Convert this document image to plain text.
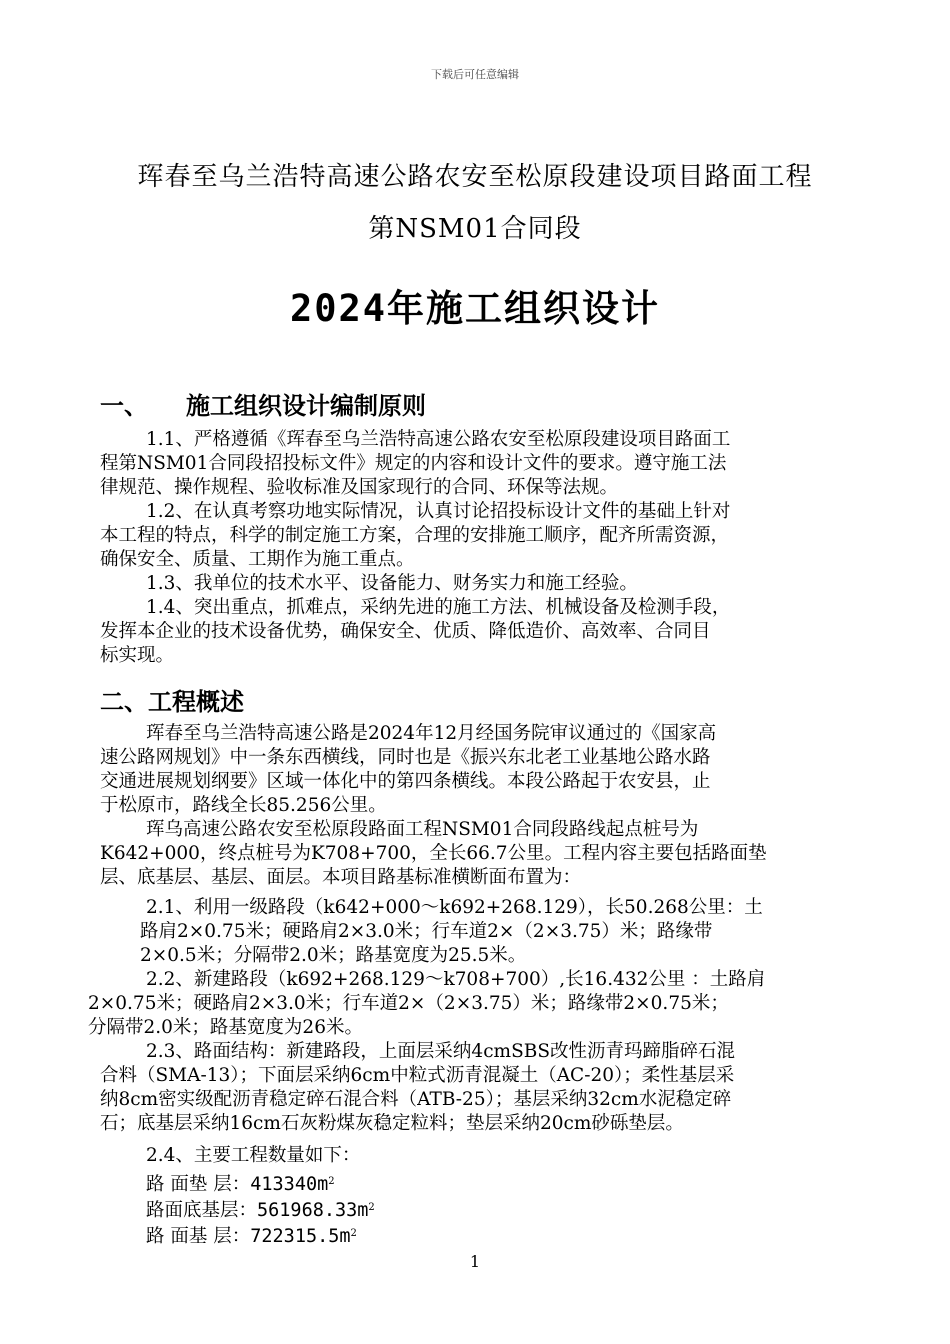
下载后可任意编辑
珲春至乌兰浩特高速公路农安至松原段建设项目路面工程
第NSM01合同段
2024年施工组织设计
一、 施工组织设计编制原则
1.1、严格遵循《珲春至乌兰浩特高速公路农安至松原段建设项目路面工
程第NSM01合同段招投标文件》规定的内容和设计文件的要求。遵守施工法
律规范、操作规程、验收标准及国家现行的合同、环保等法规。
1.2、在认真考察功地实际情况，认真讨论招投标设计文件的基础上针对
本工程的特点，科学的制定施工方案，合理的安排施工顺序，配齐所需资源，
确保安全、质量、工期作为施工重点。
1.3、我单位的技术水平、设备能力、财务实力和施工经验。
1.4、突出重点，抓难点，采纳先进的施工方法、机械设备及检测手段，
发挥本企业的技术设备优势，确保安全、优质、降低造价、高效率、合同目
标实现。
二、工程概述
珲春至乌兰浩特高速公路是2024年12月经国务院审议通过的《国家高
速公路网规划》中一条东西横线，同时也是《振兴东北老工业基地公路水路
交通进展规划纲要》区域一体化中的第四条横线。本段公路起于农安县，止
于松原市，路线全长85.256公里。
珲乌高速公路农安至松原段路面工程NSM01合同段路线起点桩号为
K642+000，终点桩号为K708+700，全长66.7公里。工程内容主要包括路面垫
层、底基层、基层、面层。本项目路基标准横断面布置为：
2.1、利用一级路段（k642+000～k692+268.129），长50.268公里：土
路肩2×0.75米；硬路肩2×3.0米；行车道2×（2×3.75）米；路缘带
2×0.5米；分隔带2.0米；路基宽度为25.5米。
2.2、新建路段（k692+268.129～k708+700）,长16.432公里 ：土路肩
2×0.75米；硬路肩2×3.0米；行车道2×（2×3.75）米；路缘带2×0.75米；
分隔带2.0米；路基宽度为26米。
2.3、路面结构：新建路段，上面层采纳4cmSBS改性沥青玛蹄脂碎石混
合料（SMA-13）；下面层采纳6cm中粒式沥青混凝土（AC-20）；柔性基层采
纳8cm密实级配沥青稳定碎石混合料（ATB-25）；基层采纳32cm水泥稳定碎
石；底基层采纳16cm石灰粉煤灰稳定粒料；垫层采纳20cm砂砾垫层。
2.4、主要工程数量如下：
路 面垫 层：$413340m^2$
路面底基层：$561968.33m^2$
路 面基 层：$722315.5m^2$
1
